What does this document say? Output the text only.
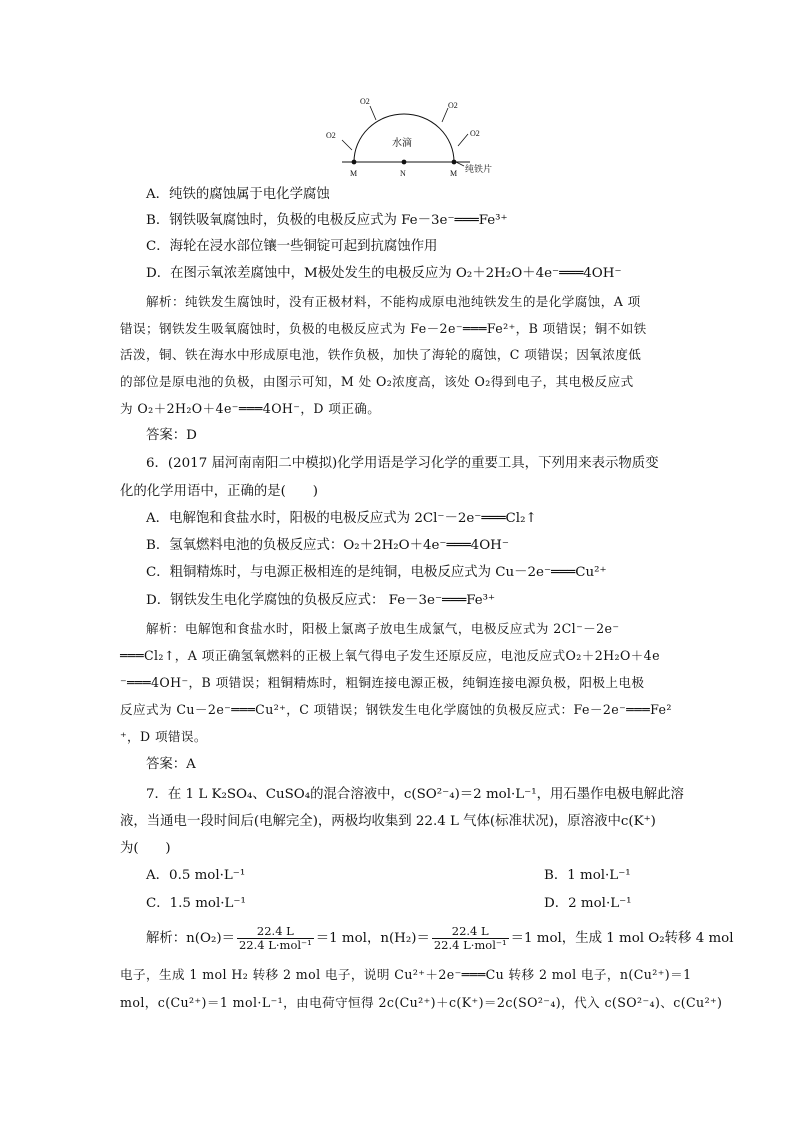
O2
O2	O2
O2
水滴
M	N	M 纯铁片
A．纯铁的腐蚀属于电化学腐蚀
B．钢铁吸氧腐蚀时，负极的电极反应式为 Fe－3e⁻═══Fe³⁺
C．海轮在浸水部位镶一些铜锭可起到抗腐蚀作用
D．在图示氧浓差腐蚀中，M极处发生的电极反应为 O₂＋2H₂O＋4e⁻═══4OH⁻
解析：纯铁发生腐蚀时，没有正极材料，不能构成原电池纯铁发生的是化学腐蚀，A 项
错误；钢铁发生吸氧腐蚀时，负极的电极反应式为 Fe－2e⁻═══Fe²⁺，B 项错误；铜不如铁
活泼，铜、铁在海水中形成原电池，铁作负极，加快了海轮的腐蚀，C 项错误；因氧浓度低
的部位是原电池的负极，由图示可知，M 处 O₂浓度高，该处 O₂得到电子，其电极反应式
为 O₂＋2H₂O＋4e⁻═══4OH⁻，D 项正确。
答案：D
6．(2017 届河南南阳二中模拟)化学用语是学习化学的重要工具，下列用来表示物质变
化的化学用语中，正确的是(　　)
A．电解饱和食盐水时，阳极的电极反应式为 2Cl⁻－2e⁻═══Cl₂↑
B．氢氧燃料电池的负极反应式：O₂＋2H₂O＋4e⁻═══4OH⁻
C．粗铜精炼时，与电源正极相连的是纯铜，电极反应式为 Cu－2e⁻═══Cu²⁺
D．钢铁发生电化学腐蚀的负极反应式： Fe－3e⁻═══Fe³⁺
解析：电解饱和食盐水时，阳极上氯离子放电生成氯气，电极反应式为 2Cl⁻－2e⁻
═══Cl₂↑，A 项正确氢氧燃料的正极上氧气得电子发生还原反应，电池反应式O₂＋2H₂O＋4e
⁻═══4OH⁻，B 项错误；粗铜精炼时，粗铜连接电源正极，纯铜连接电源负极，阳极上电极
反应式为 Cu－2e⁻═══Cu²⁺，C 项错误；钢铁发生电化学腐蚀的负极反应式：Fe－2e⁻═══Fe²
⁺，D 项错误。
答案：A
7．在 1 L K₂SO₄、CuSO₄的混合溶液中，c(SO²⁻₄)＝2 mol·L⁻¹，用石墨作电极电解此溶
液，当通电一段时间后(电解完全)，两极均收集到 22.4 L 气体(标准状况)，原溶液中c(K⁺)
为(　　)
A．0.5 mol·L⁻¹	B．1 mol·L⁻¹
C．1.5 mol·L⁻¹	D．2 mol·L⁻¹
解析：$n(O_2)= \frac{22.4 L}{\text{22.4 L·mol⁻¹}} =1$ mol，$n(H_2)= \frac{22.4 L}{\text{22.4 L·mol⁻¹}} =1$ mol，生成 1 mol O₂转移 4 mol
电子，生成 1 mol H₂ 转移 2 mol 电子，说明 Cu²⁺＋2e⁻═══Cu 转移 2 mol 电子，n(Cu²⁺)＝1
mol，c(Cu²⁺)＝1 mol·L⁻¹，由电荷守恒得 2c(Cu²⁺)＋c(K⁺)＝2c(SO²⁻₄)，代入 c(SO²⁻₄)、c(Cu²⁺)
